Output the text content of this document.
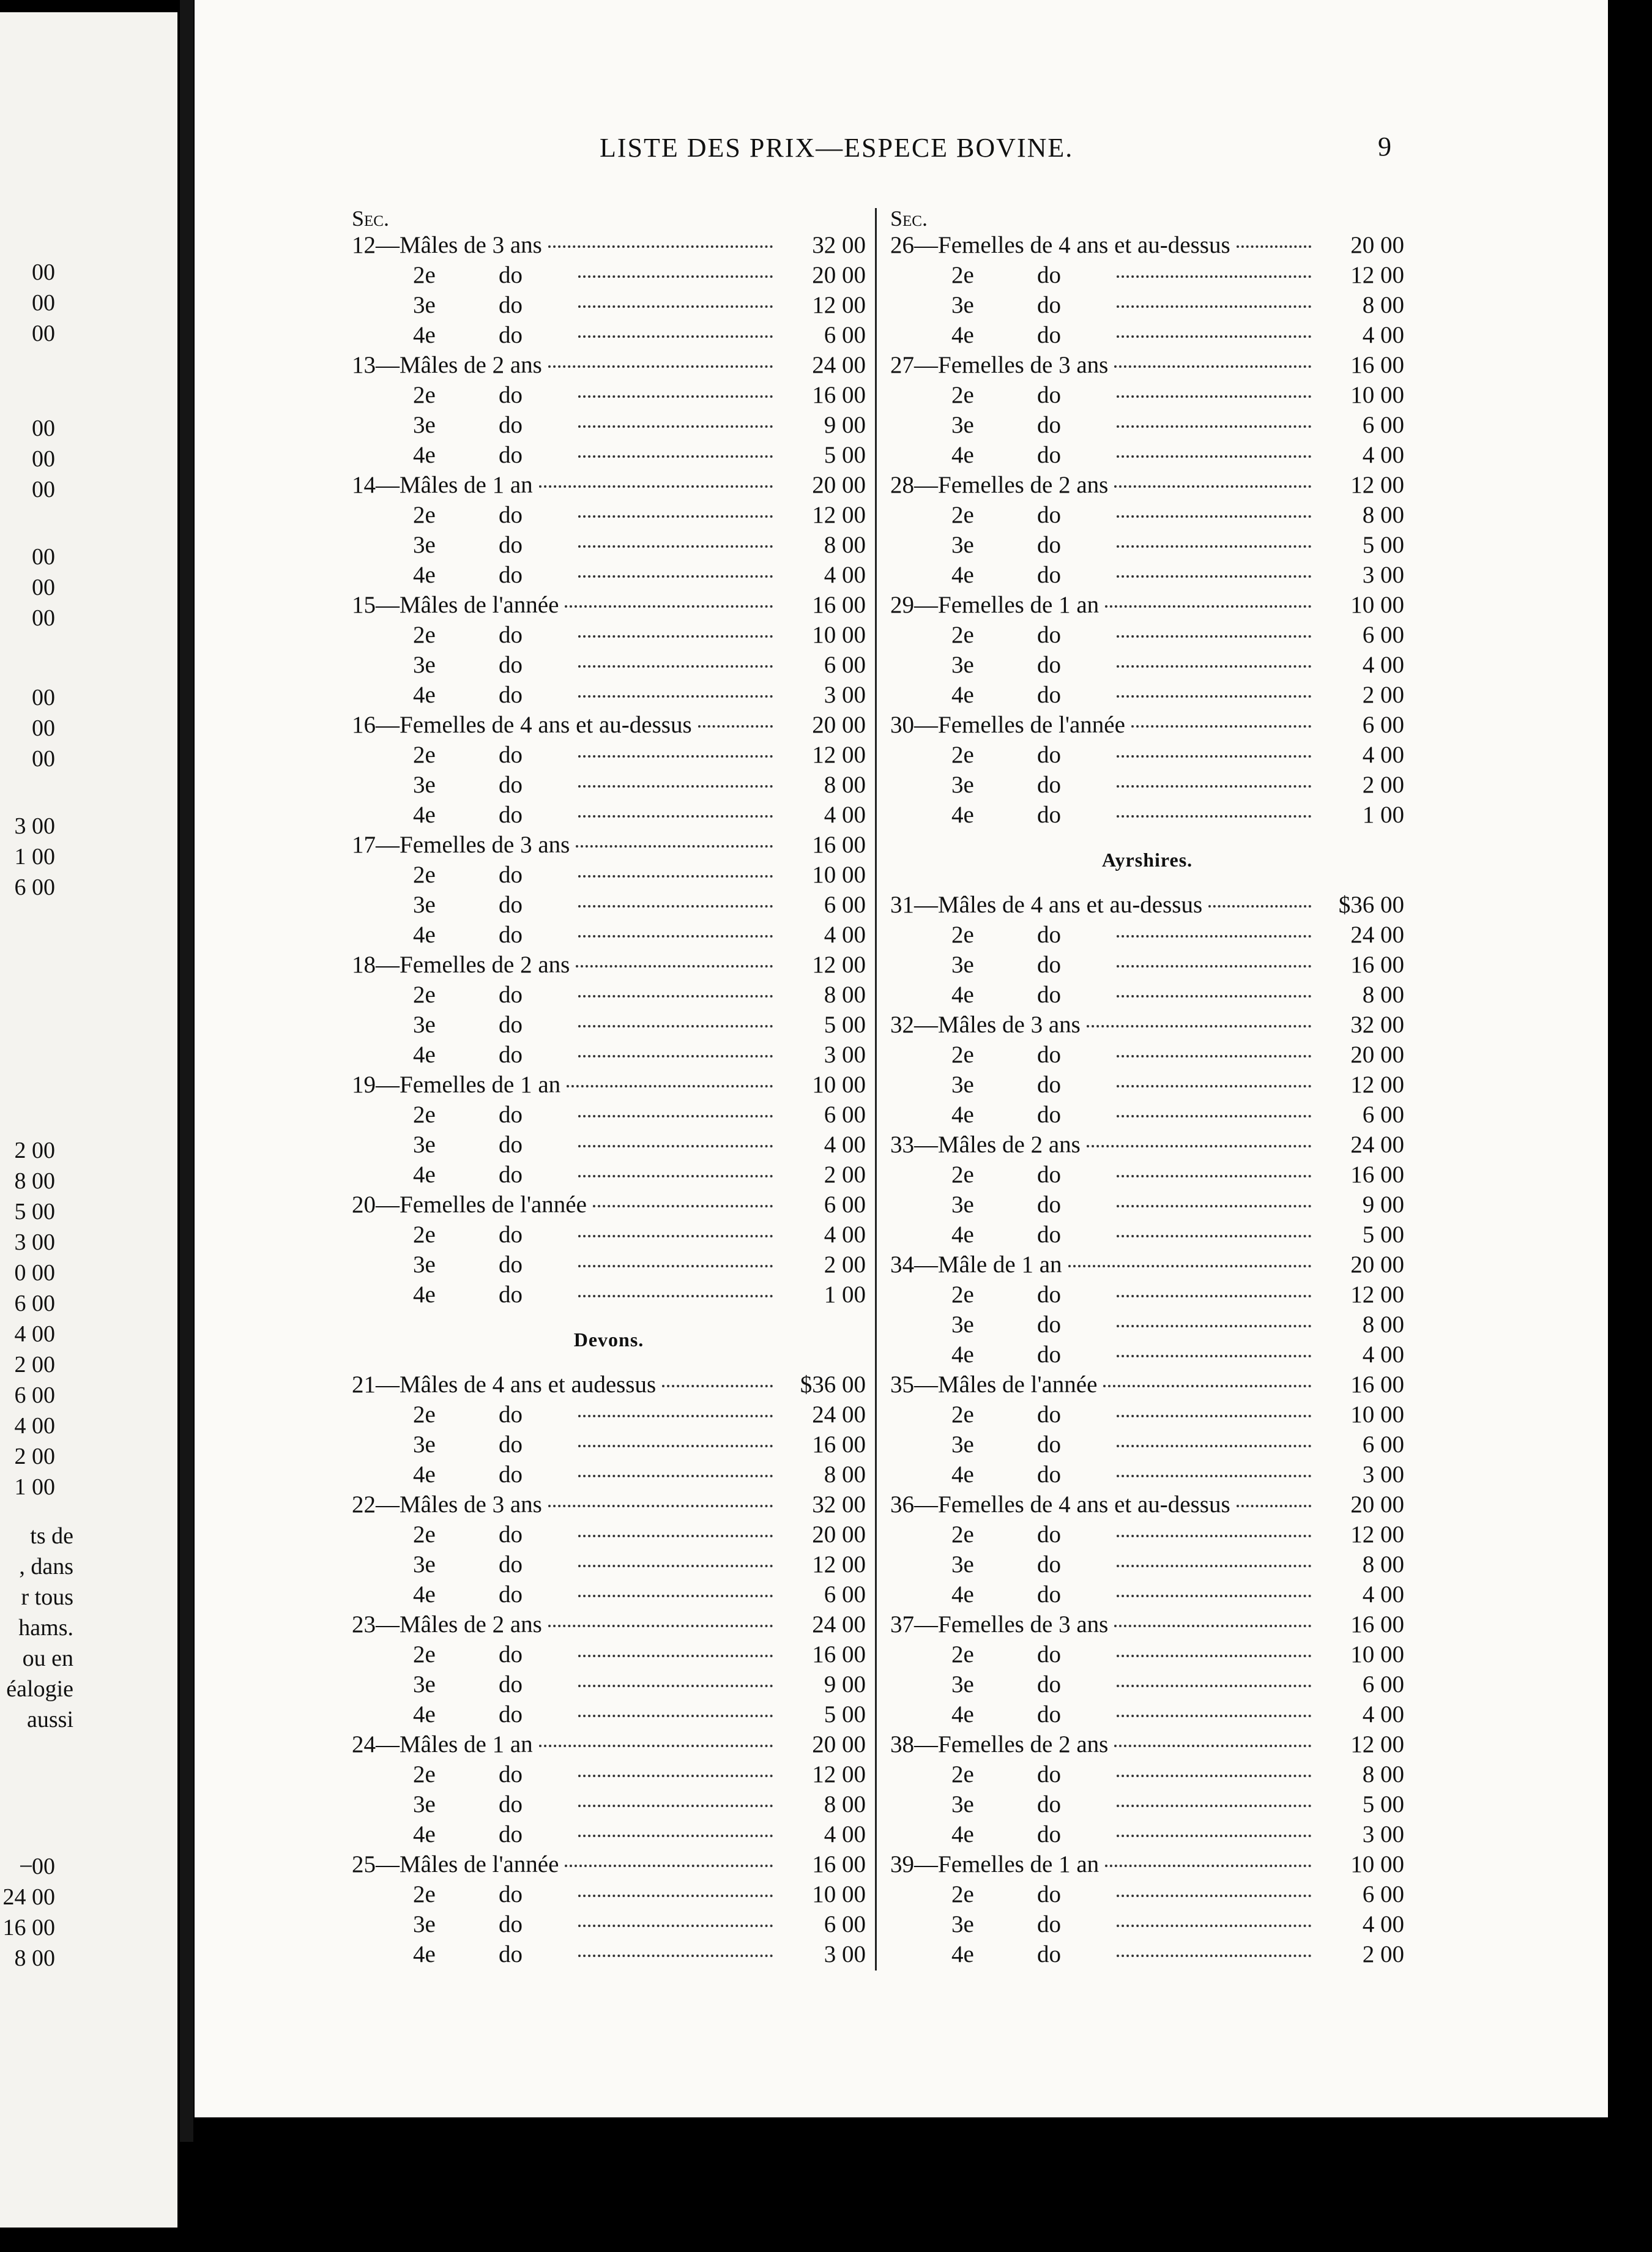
00
00
00
00
00
00
00
00
00
00
00
00
3 00
1 00
6 00
2 00
8 00
5 00
3 00
0 00
6 00
4 00
2 00
6 00
4 00
2 00
1 00
̶ 00
24 00
16 00
8 00
ts de
, dans
r tous
hams.
ou en
éalogie
aussi
LISTE DES PRIX—ESPECE BOVINE.	9
Sec.
12—Mâles de 3 ans	32 00
2e	do	20 00
3e	do	12 00
4e	do	6 00
13—Mâles de 2 ans	24 00
2e	do	16 00
3e	do	9 00
4e	do	5 00
14—Mâles de 1 an	20 00
2e	do	12 00
3e	do	8 00
4e	do	4 00
15—Mâles de l'année	16 00
2e	do	10 00
3e	do	6 00
4e	do	3 00
16—Femelles de 4 ans et au-dessus	20 00
2e	do	12 00
3e	do	8 00
4e	do	4 00
17—Femelles de 3 ans	16 00
2e	do	10 00
3e	do	6 00
4e	do	4 00
18—Femelles de 2 ans	12 00
2e	do	8 00
3e	do	5 00
4e	do	3 00
19—Femelles de 1 an	10 00
2e	do	6 00
3e	do	4 00
4e	do	2 00
20—Femelles de l'année	6 00
2e	do	4 00
3e	do	2 00
4e	do	1 00
Devons.
21—Mâles de 4 ans et audessus	$36 00
2e	do	24 00
3e	do	16 00
4e	do	8 00
22—Mâles de 3 ans	32 00
2e	do	20 00
3e	do	12 00
4e	do	6 00
23—Mâles de 2 ans	24 00
2e	do	16 00
3e	do	9 00
4e	do	5 00
24—Mâles de 1 an	20 00
2e	do	12 00
3e	do	8 00
4e	do	4 00
25—Mâles de l'année	16 00
2e	do	10 00
3e	do	6 00
4e	do	3 00
Sec.
26—Femelles de 4 ans et au-dessus	20 00
2e	do	12 00
3e	do	8 00
4e	do	4 00
27—Femelles de 3 ans	16 00
2e	do	10 00
3e	do	6 00
4e	do	4 00
28—Femelles de 2 ans	12 00
2e	do	8 00
3e	do	5 00
4e	do	3 00
29—Femelles de 1 an	10 00
2e	do	6 00
3e	do	4 00
4e	do	2 00
30—Femelles de l'année	6 00
2e	do	4 00
3e	do	2 00
4e	do	1 00
Ayrshires.
31—Mâles de 4 ans et au-dessus	$36 00
2e	do	24 00
3e	do	16 00
4e	do	8 00
32—Mâles de 3 ans	32 00
2e	do	20 00
3e	do	12 00
4e	do	6 00
33—Mâles de 2 ans	24 00
2e	do	16 00
3e	do	9 00
4e	do	5 00
34—Mâle de 1 an	20 00
2e	do	12 00
3e	do	8 00
4e	do	4 00
35—Mâles de l'année	16 00
2e	do	10 00
3e	do	6 00
4e	do	3 00
36—Femelles de 4 ans et au-dessus	20 00
2e	do	12 00
3e	do	8 00
4e	do	4 00
37—Femelles de 3 ans	16 00
2e	do	10 00
3e	do	6 00
4e	do	4 00
38—Femelles de 2 ans	12 00
2e	do	8 00
3e	do	5 00
4e	do	3 00
39—Femelles de 1 an	10 00
2e	do	6 00
3e	do	4 00
4e	do	2 00
